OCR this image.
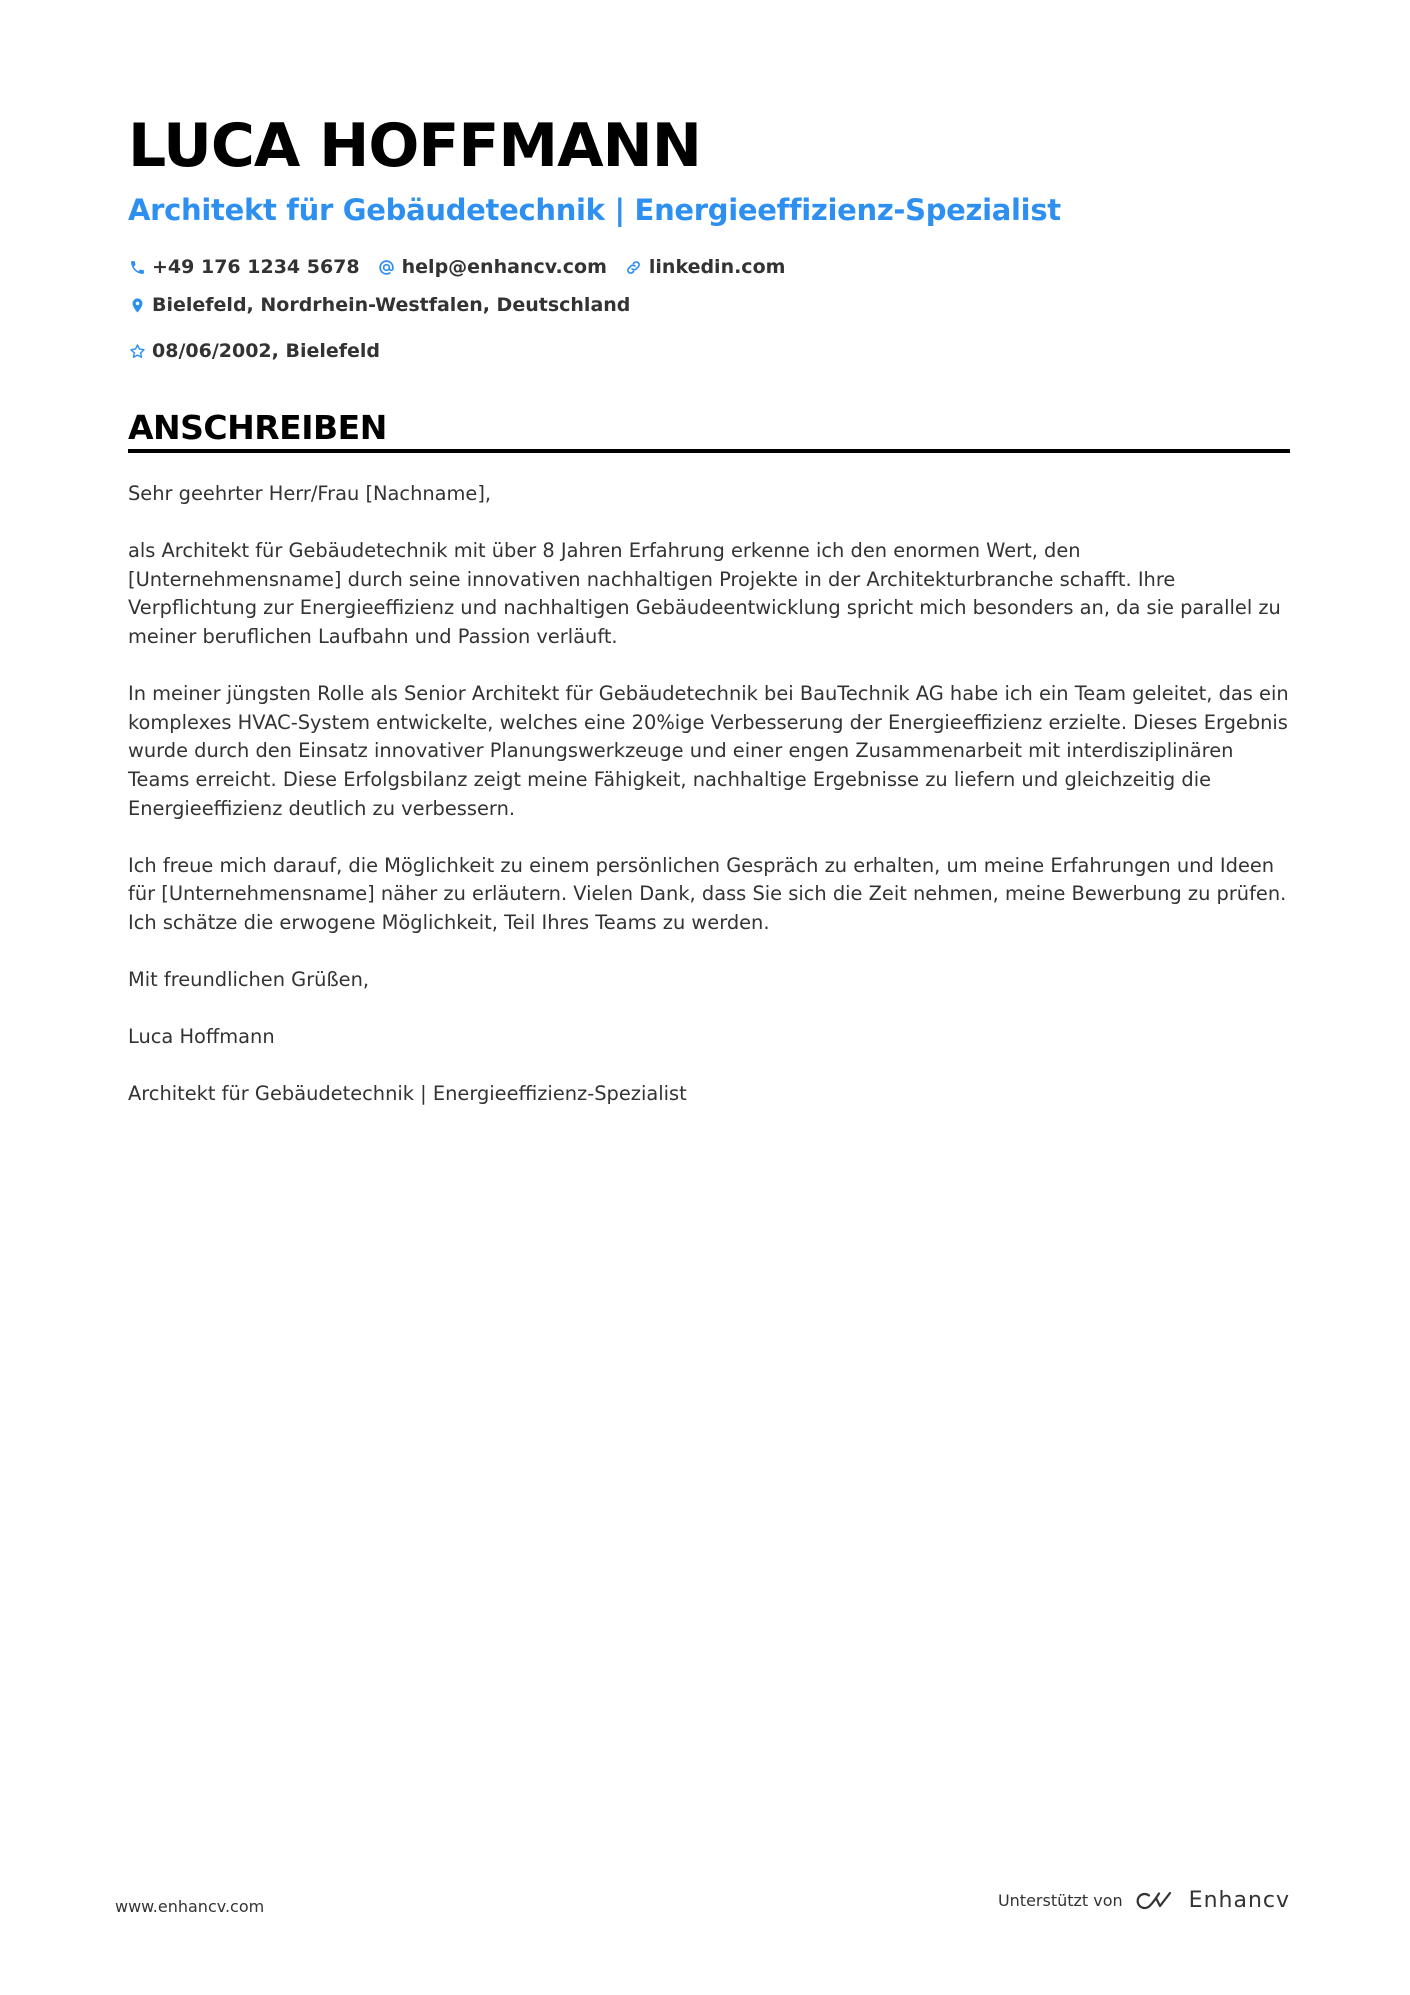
LUCA HOFFMANN
Architekt für Gebäudetechnik | Energieeffizienz-Spezialist
+49 176 1234 5678 help@enhancv.com linkedin.com
Bielefeld, Nordrhein-Westfalen, Deutschland
08/06/2002, Bielefeld
ANSCHREIBEN

Sehr geehrter Herr/Frau [Nachname],

als Architekt für Gebäudetechnik mit über 8 Jahren Erfahrung erkenne ich den enormen Wert, den [Unternehmensname] durch seine innovativen nachhaltigen Projekte in der Architekturbranche schafft. Ihre Verpflichtung zur Energieeffizienz und nachhaltigen Gebäudeentwicklung spricht mich besonders an, da sie parallel zu meiner beruflichen Laufbahn und Passion verläuft.

In meiner jüngsten Rolle als Senior Architekt für Gebäudetechnik bei BauTechnik AG habe ich ein Team geleitet, das ein komplexes HVAC-System entwickelte, welches eine 20%ige Verbesserung der Energieeffizienz erzielte. Dieses Ergebnis wurde durch den Einsatz innovativer Planungswerkzeuge und einer engen Zusammenarbeit mit interdisziplinären Teams erreicht. Diese Erfolgsbilanz zeigt meine Fähigkeit, nachhaltige Ergebnisse zu liefern und gleichzeitig die Energieeffizienz deutlich zu verbessern.

Ich freue mich darauf, die Möglichkeit zu einem persönlichen Gespräch zu erhalten, um meine Erfahrungen und Ideen für [Unternehmensname] näher zu erläutern. Vielen Dank, dass Sie sich die Zeit nehmen, meine Bewerbung zu prüfen. Ich schätze die erwogene Möglichkeit, Teil Ihres Teams zu werden.

Mit freundlichen Grüßen,

Luca Hoffmann

Architekt für Gebäudetechnik | Energieeffizienz-Spezialist

www.enhancv.com	Unterstützt von	Enhancv
